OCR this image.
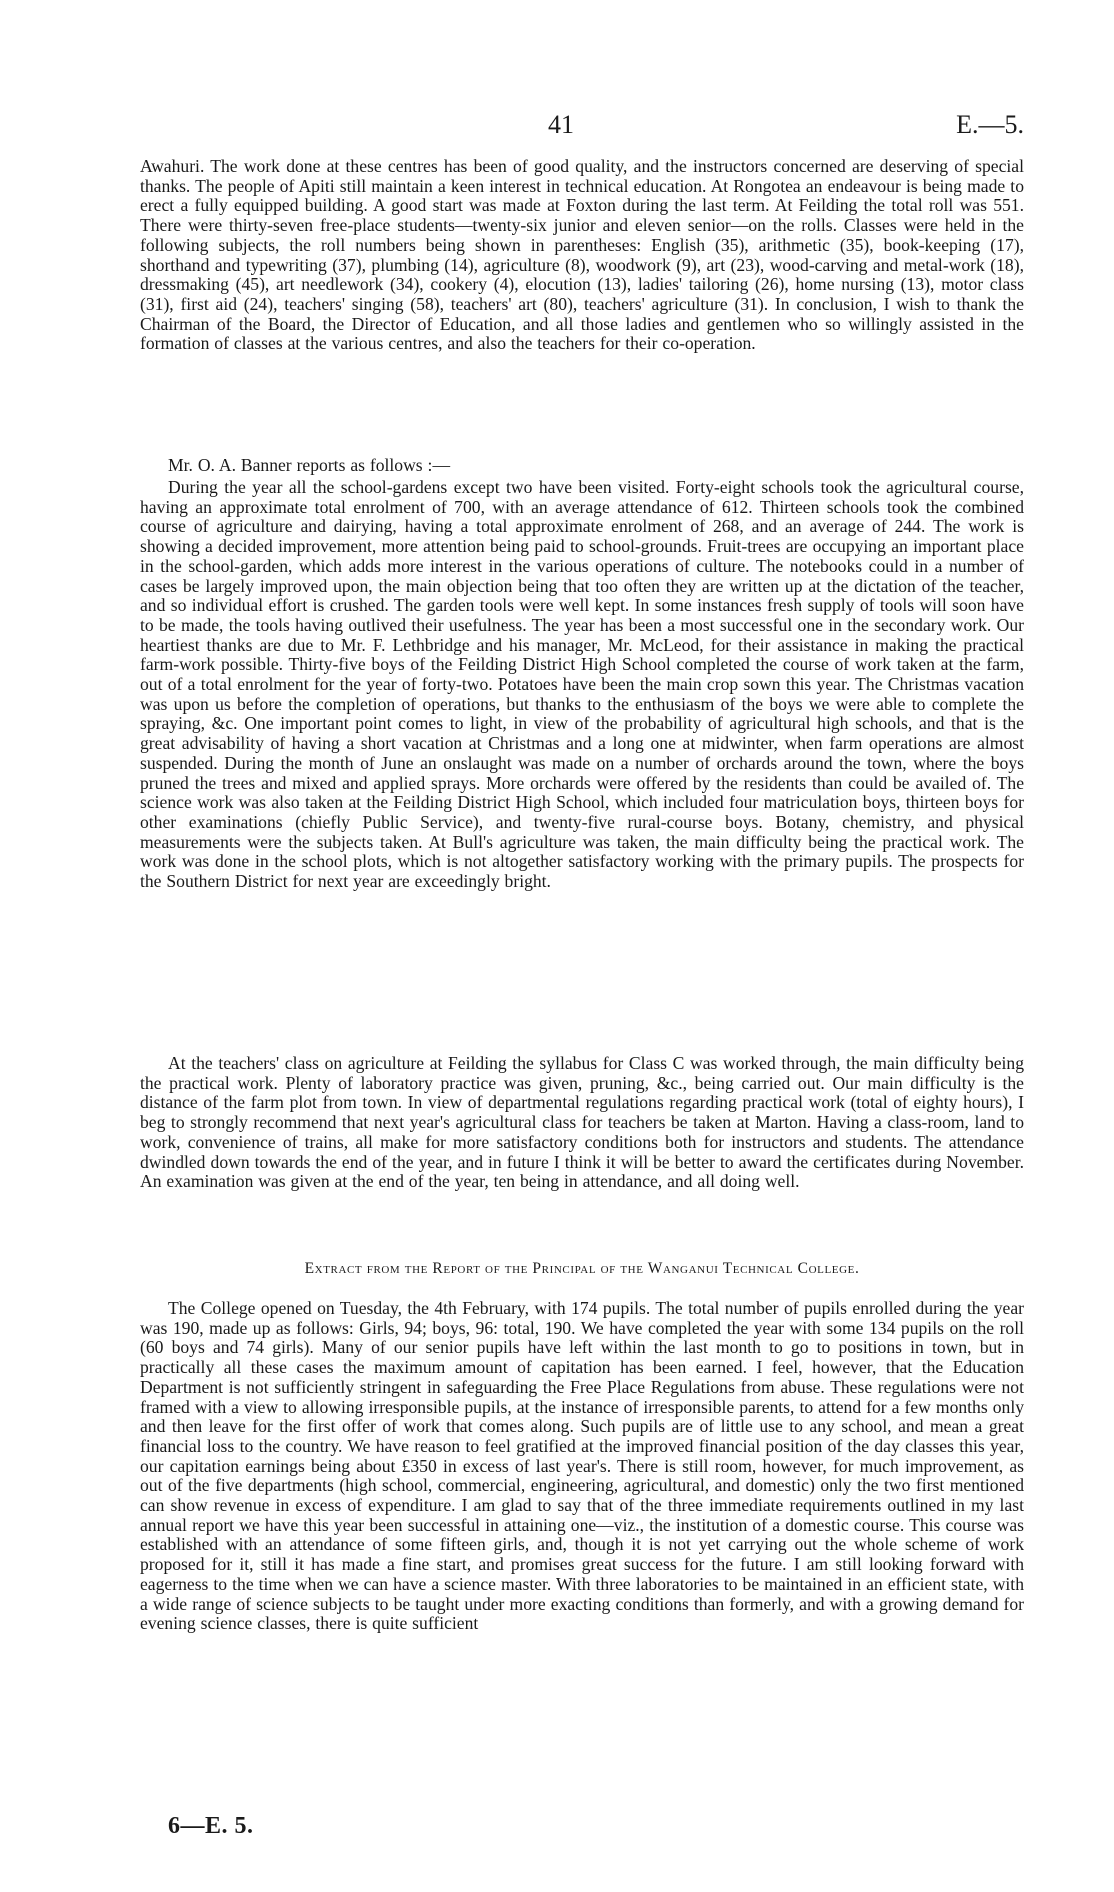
41	E.—5.

Awahuri. The work done at these centres has been of good quality, and the instructors concerned are deserving of special thanks. The people of Apiti still maintain a keen interest in technical education. At Rongotea an endeavour is being made to erect a fully equipped building. A good start was made at Foxton during the last term. At Feilding the total roll was 551. There were thirty-seven free-place students—twenty-six junior and eleven senior—on the rolls. Classes were held in the following subjects, the roll numbers being shown in parentheses: English (35), arithmetic (35), book-keeping (17), shorthand and typewriting (37), plumbing (14), agriculture (8), woodwork (9), art (23), wood-carving and metal-work (18), dressmaking (45), art needlework (34), cookery (4), elocution (13), ladies' tailoring (26), home nursing (13), motor class (31), first aid (24), teachers' singing (58), teachers' art (80), teachers' agriculture (31). In conclusion, I wish to thank the Chairman of the Board, the Director of Education, and all those ladies and gentlemen who so willingly assisted in the formation of classes at the various centres, and also the teachers for their co-operation.

Mr. O. A. Banner reports as follows :—

During the year all the school-gardens except two have been visited. Forty-eight schools took the agricultural course, having an approximate total enrolment of 700, with an average attendance of 612. Thirteen schools took the combined course of agriculture and dairying, having a total approximate enrolment of 268, and an average of 244. The work is showing a decided improvement, more attention being paid to school-grounds. Fruit-trees are occupying an important place in the school-garden, which adds more interest in the various operations of culture. The notebooks could in a number of cases be largely improved upon, the main objection being that too often they are written up at the dictation of the teacher, and so individual effort is crushed. The garden tools were well kept. In some instances fresh supply of tools will soon have to be made, the tools having outlived their usefulness. The year has been a most successful one in the secondary work. Our heartiest thanks are due to Mr. F. Lethbridge and his manager, Mr. McLeod, for their assistance in making the practical farm-work possible. Thirty-five boys of the Feilding District High School completed the course of work taken at the farm, out of a total enrolment for the year of forty-two. Potatoes have been the main crop sown this year. The Christmas vacation was upon us before the completion of operations, but thanks to the enthusiasm of the boys we were able to complete the spraying, &c. One important point comes to light, in view of the probability of agricultural high schools, and that is the great advisability of having a short vacation at Christmas and a long one at midwinter, when farm operations are almost suspended. During the month of June an onslaught was made on a number of orchards around the town, where the boys pruned the trees and mixed and applied sprays. More orchards were offered by the residents than could be availed of. The science work was also taken at the Feilding District High School, which included four matriculation boys, thirteen boys for other examinations (chiefly Public Service), and twenty-five rural-course boys. Botany, chemistry, and physical measurements were the subjects taken. At Bull's agriculture was taken, the main difficulty being the practical work. The work was done in the school plots, which is not altogether satisfactory working with the primary pupils. The prospects for the Southern District for next year are exceedingly bright.

At the teachers' class on agriculture at Feilding the syllabus for Class C was worked through, the main difficulty being the practical work. Plenty of laboratory practice was given, pruning, &c., being carried out. Our main difficulty is the distance of the farm plot from town. In view of departmental regulations regarding practical work (total of eighty hours), I beg to strongly recommend that next year's agricultural class for teachers be taken at Marton. Having a class-room, land to work, convenience of trains, all make for more satisfactory conditions both for instructors and students. The attendance dwindled down towards the end of the year, and in future I think it will be better to award the certificates during November. An examination was given at the end of the year, ten being in attendance, and all doing well.

Extract from the Report of the Principal of the Wanganui Technical College.

The College opened on Tuesday, the 4th February, with 174 pupils. The total number of pupils enrolled during the year was 190, made up as follows: Girls, 94; boys, 96: total, 190. We have completed the year with some 134 pupils on the roll (60 boys and 74 girls). Many of our senior pupils have left within the last month to go to positions in town, but in practically all these cases the maximum amount of capitation has been earned. I feel, however, that the Education Department is not sufficiently stringent in safeguarding the Free Place Regulations from abuse. These regulations were not framed with a view to allowing irresponsible pupils, at the instance of irresponsible parents, to attend for a few months only and then leave for the first offer of work that comes along. Such pupils are of little use to any school, and mean a great financial loss to the country. We have reason to feel gratified at the improved financial position of the day classes this year, our capitation earnings being about £350 in excess of last year's. There is still room, however, for much improvement, as out of the five departments (high school, commercial, engineering, agricultural, and domestic) only the two first mentioned can show revenue in excess of expenditure. I am glad to say that of the three immediate requirements outlined in my last annual report we have this year been successful in attaining one—viz., the institution of a domestic course. This course was established with an attendance of some fifteen girls, and, though it is not yet carrying out the whole scheme of work proposed for it, still it has made a fine start, and promises great success for the future. I am still looking forward with eagerness to the time when we can have a science master. With three laboratories to be maintained in an efficient state, with a wide range of science subjects to be taught under more exacting conditions than formerly, and with a growing demand for evening science classes, there is quite sufficient

6—E. 5.
